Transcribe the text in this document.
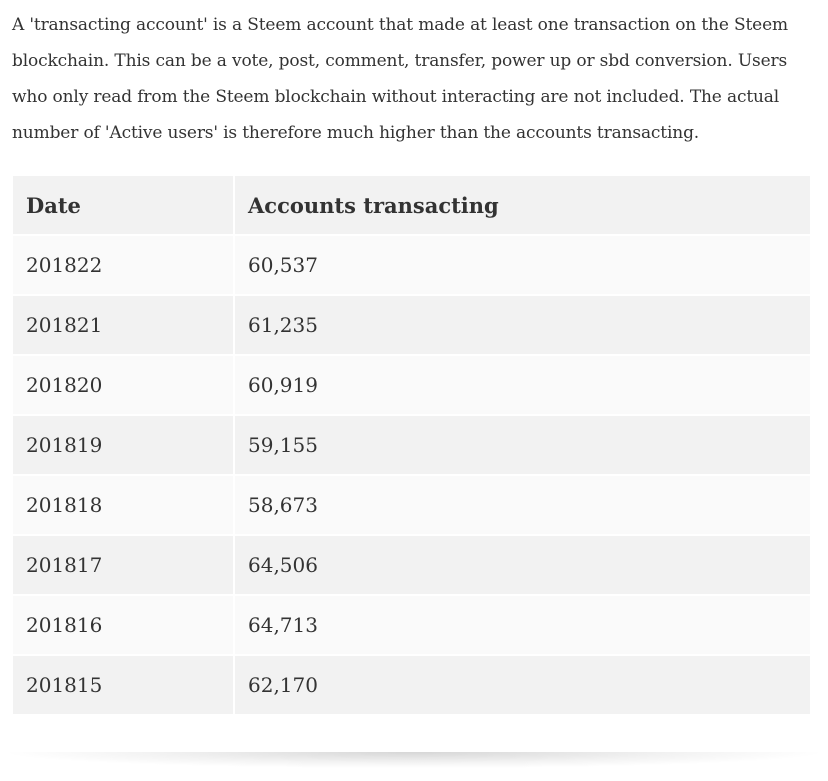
A 'transacting account' is a Steem account that made at least one transaction on the Steem blockchain. This can be a vote, post, comment, transfer, power up or sbd conversion. Users who only read from the Steem blockchain without interacting are not included. The actual number of 'Active users' is therefore much higher than the accounts transacting.

Date	Accounts transacting
201822	60,537
201821	61,235
201820	60,919
201819	59,155
201818	58,673
201817	64,506
201816	64,713
201815	62,170
